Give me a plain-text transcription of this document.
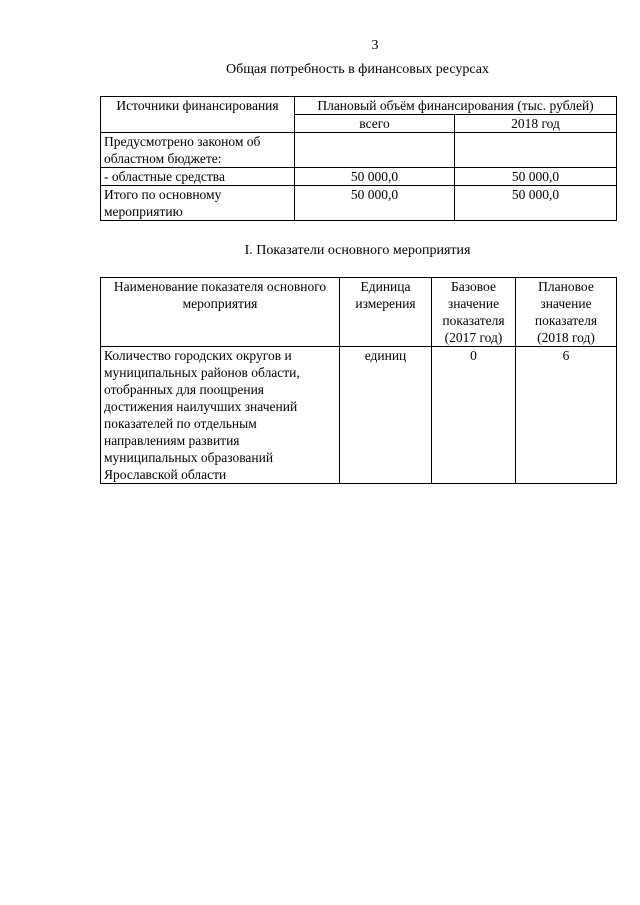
3
Общая потребность в финансовых ресурсах
Источники финансирования	Плановый объём финансирования (тыс. рублей)	
	всего	2018 год
Предусмотрено законом об областном бюджете:		
- областные средства	50 000,0	50 000,0
Итого по основному мероприятию	50 000,0	50 000,0
I. Показатели основного мероприятия
Наименование показателя основного мероприятия	Единица измерения	Базовое значение показателя (2017 год)	Плановое значение показателя (2018 год)
Количество городских округов и муниципальных районов области, отобранных для поощрения достижения наилучших значений показателей по отдельным направлениям развития муниципальных образований Ярославской области	единиц	0	6
